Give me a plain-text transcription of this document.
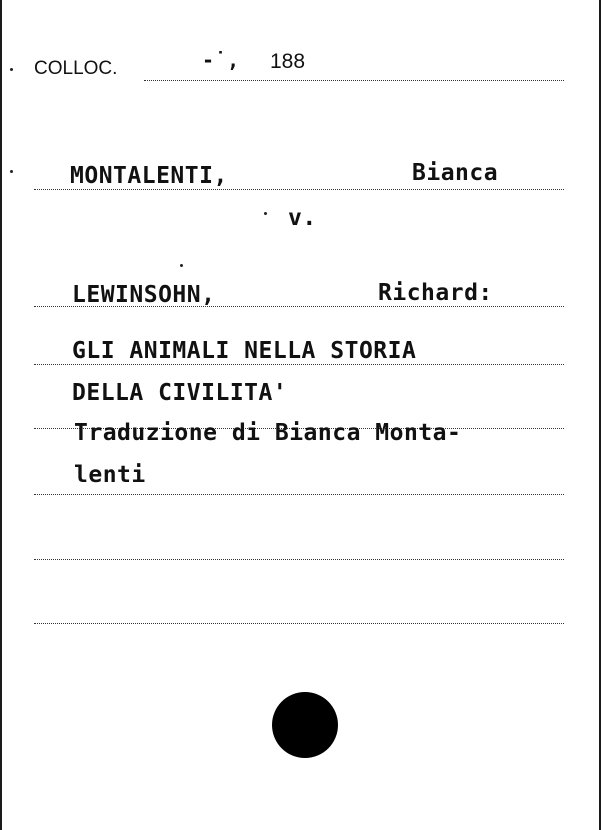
COLLOC.	-˙, 188
MONTALENTI,	Bianca
v.
LEWINSOHN,	Richard:
GLI ANIMALI NELLA STORIA
DELLA CIVILITA'
Traduzione di Bianca Monta-
lenti
